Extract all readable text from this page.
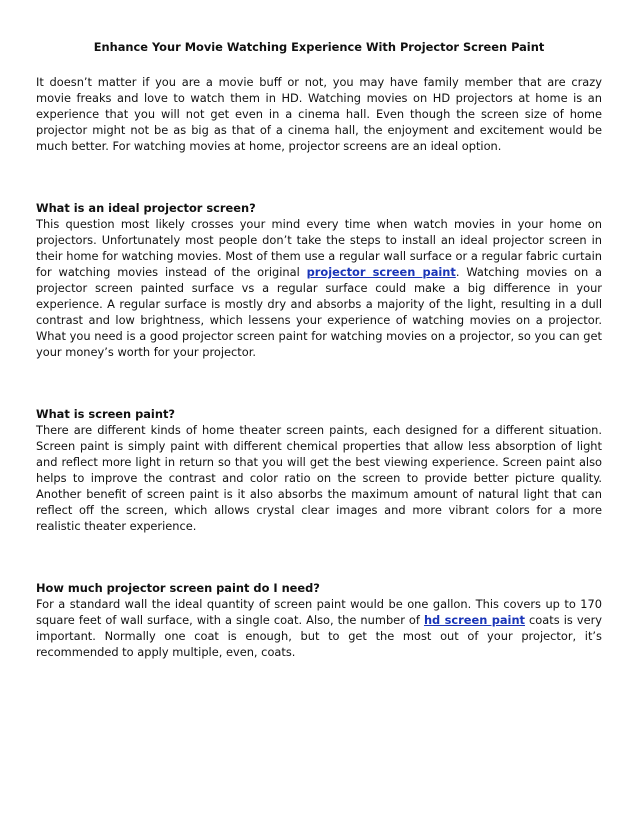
Enhance Your Movie Watching Experience With Projector Screen Paint

It doesn’t matter if you are a movie buff or not, you may have family member that are crazy movie freaks and love to watch them in HD. Watching movies on HD projectors at home is an experience that you will not get even in a cinema hall. Even though the screen size of home projector might not be as big as that of a cinema hall, the enjoyment and excitement would be much better. For watching movies at home, projector screens are an ideal option.

What is an ideal projector screen?

This question most likely crosses your mind every time when watch movies in your home on projectors. Unfortunately most people don’t take the steps to install an ideal projector screen in their home for watching movies. Most of them use a regular wall surface or a regular fabric curtain for watching movies instead of the original projector screen paint. Watching movies on a projector screen painted surface vs a regular surface could make a big difference in your experience. A regular surface is mostly dry and absorbs a majority of the light, resulting in a dull contrast and low brightness, which lessens your experience of watching movies on a projector. What you need is a good projector screen paint for watching movies on a projector, so you can get your money’s worth for your projector.

What is screen paint?

There are different kinds of home theater screen paints, each designed for a different situation. Screen paint is simply paint with different chemical properties that allow less absorption of light and reflect more light in return so that you will get the best viewing experience. Screen paint also helps to improve the contrast and color ratio on the screen to provide better picture quality. Another benefit of screen paint is it also absorbs the maximum amount of natural light that can reflect off the screen, which allows crystal clear images and more vibrant colors for a more realistic theater experience.

How much projector screen paint do I need?

For a standard wall the ideal quantity of screen paint would be one gallon. This covers up to 170 square feet of wall surface, with a single coat. Also, the number of hd screen paint coats is very important. Normally one coat is enough, but to get the most out of your projector, it’s recommended to apply multiple, even, coats.
